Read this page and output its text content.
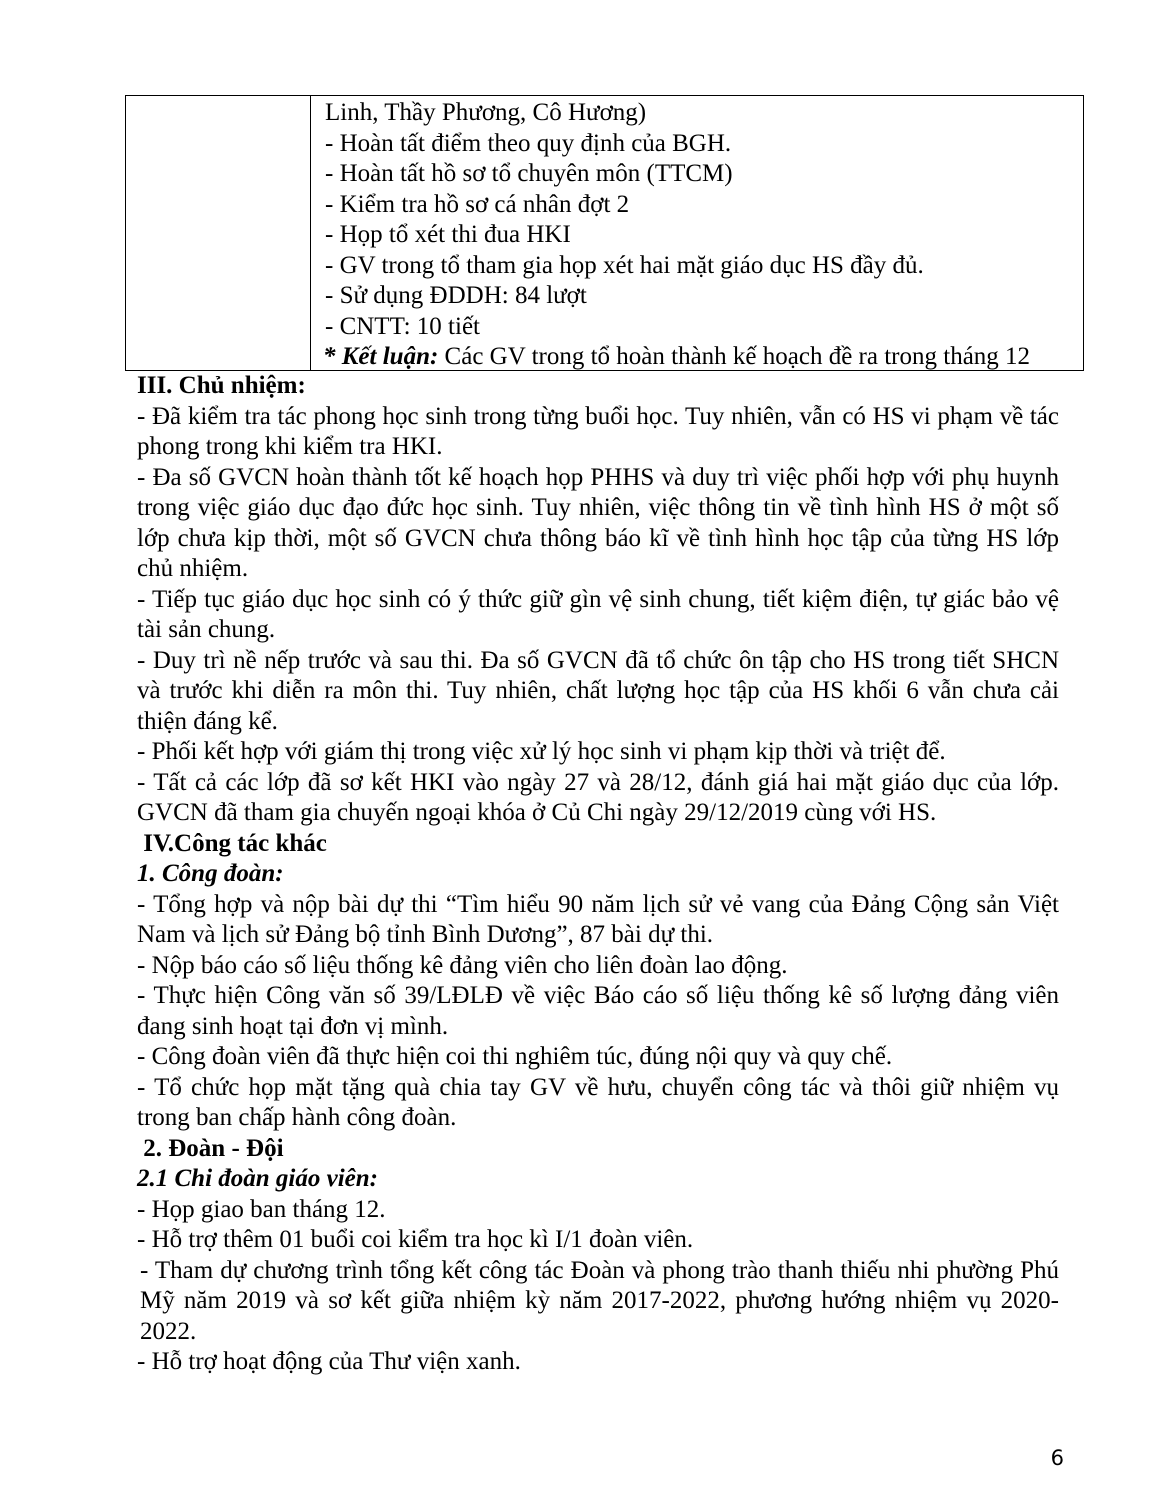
Linh, Thầy Phương, Cô Hương)
- Hoàn tất điểm theo quy định của BGH.
- Hoàn tất hồ sơ tổ chuyên môn (TTCM)
- Kiểm tra hồ sơ cá nhân đợt 2
- Họp tổ xét thi đua HKI
- GV trong tổ tham gia họp xét hai mặt giáo dục HS đầy đủ.
- Sử dụng ĐDDH: 84 lượt
- CNTT: 10 tiết
* Kết luận: Các GV trong tổ hoàn thành kế hoạch đề ra trong tháng 12
III. Chủ nhiệm:
- Đã kiểm tra tác phong học sinh trong từng buổi học. Tuy nhiên, vẫn có HS vi phạm về tác phong trong khi kiểm tra HKI.
- Đa số GVCN hoàn thành tốt kế hoạch họp PHHS và duy trì việc phối hợp với phụ huynh trong việc giáo dục đạo đức học sinh. Tuy nhiên, việc thông tin về tình hình HS ở một số lớp chưa kịp thời, một số GVCN chưa thông báo kĩ về tình hình học tập của từng HS lớp chủ nhiệm.
- Tiếp tục giáo dục học sinh có ý thức giữ gìn vệ sinh chung, tiết kiệm điện, tự giác bảo vệ tài sản chung.
- Duy trì nề nếp trước và sau thi. Đa số GVCN đã tổ chức ôn tập cho HS trong tiết SHCN và trước khi diễn ra môn thi. Tuy nhiên, chất lượng học tập của HS khối 6 vẫn chưa cải thiện đáng kể.
- Phối kết hợp với giám thị trong việc xử lý học sinh vi phạm kịp thời và triệt để.
- Tất cả các lớp đã sơ kết HKI vào ngày 27 và 28/12, đánh giá hai mặt giáo dục của lớp. GVCN đã tham gia chuyến ngoại khóa ở Củ Chi ngày 29/12/2019 cùng với HS.
IV.Công tác khác
1. Công đoàn:
- Tổng hợp và nộp bài dự thi “Tìm hiểu 90 năm lịch sử vẻ vang của Đảng Cộng sản Việt Nam và lịch sử Đảng bộ tỉnh Bình Dương”, 87 bài dự thi.
- Nộp báo cáo số liệu thống kê đảng viên cho liên đoàn lao động.
- Thực hiện Công văn số 39/LĐLĐ về việc Báo cáo số liệu thống kê số lượng đảng viên đang sinh hoạt tại đơn vị mình.
- Công đoàn viên đã thực hiện coi thi nghiêm túc, đúng nội quy và quy chế.
- Tổ chức họp mặt tặng quà chia tay GV về hưu, chuyển công tác và thôi giữ nhiệm vụ trong ban chấp hành công đoàn.
2. Đoàn - Đội
2.1 Chi đoàn giáo viên:
- Họp giao ban tháng 12.
- Hỗ trợ thêm 01 buổi coi kiểm tra học kì I/1 đoàn viên.
- Tham dự chương trình tổng kết công tác Đoàn và phong trào thanh thiếu nhi phường Phú Mỹ năm 2019 và sơ kết giữa nhiệm kỳ năm 2017-2022, phương hướng nhiệm vụ 2020-2022.
- Hỗ trợ hoạt động của Thư viện xanh.
6
